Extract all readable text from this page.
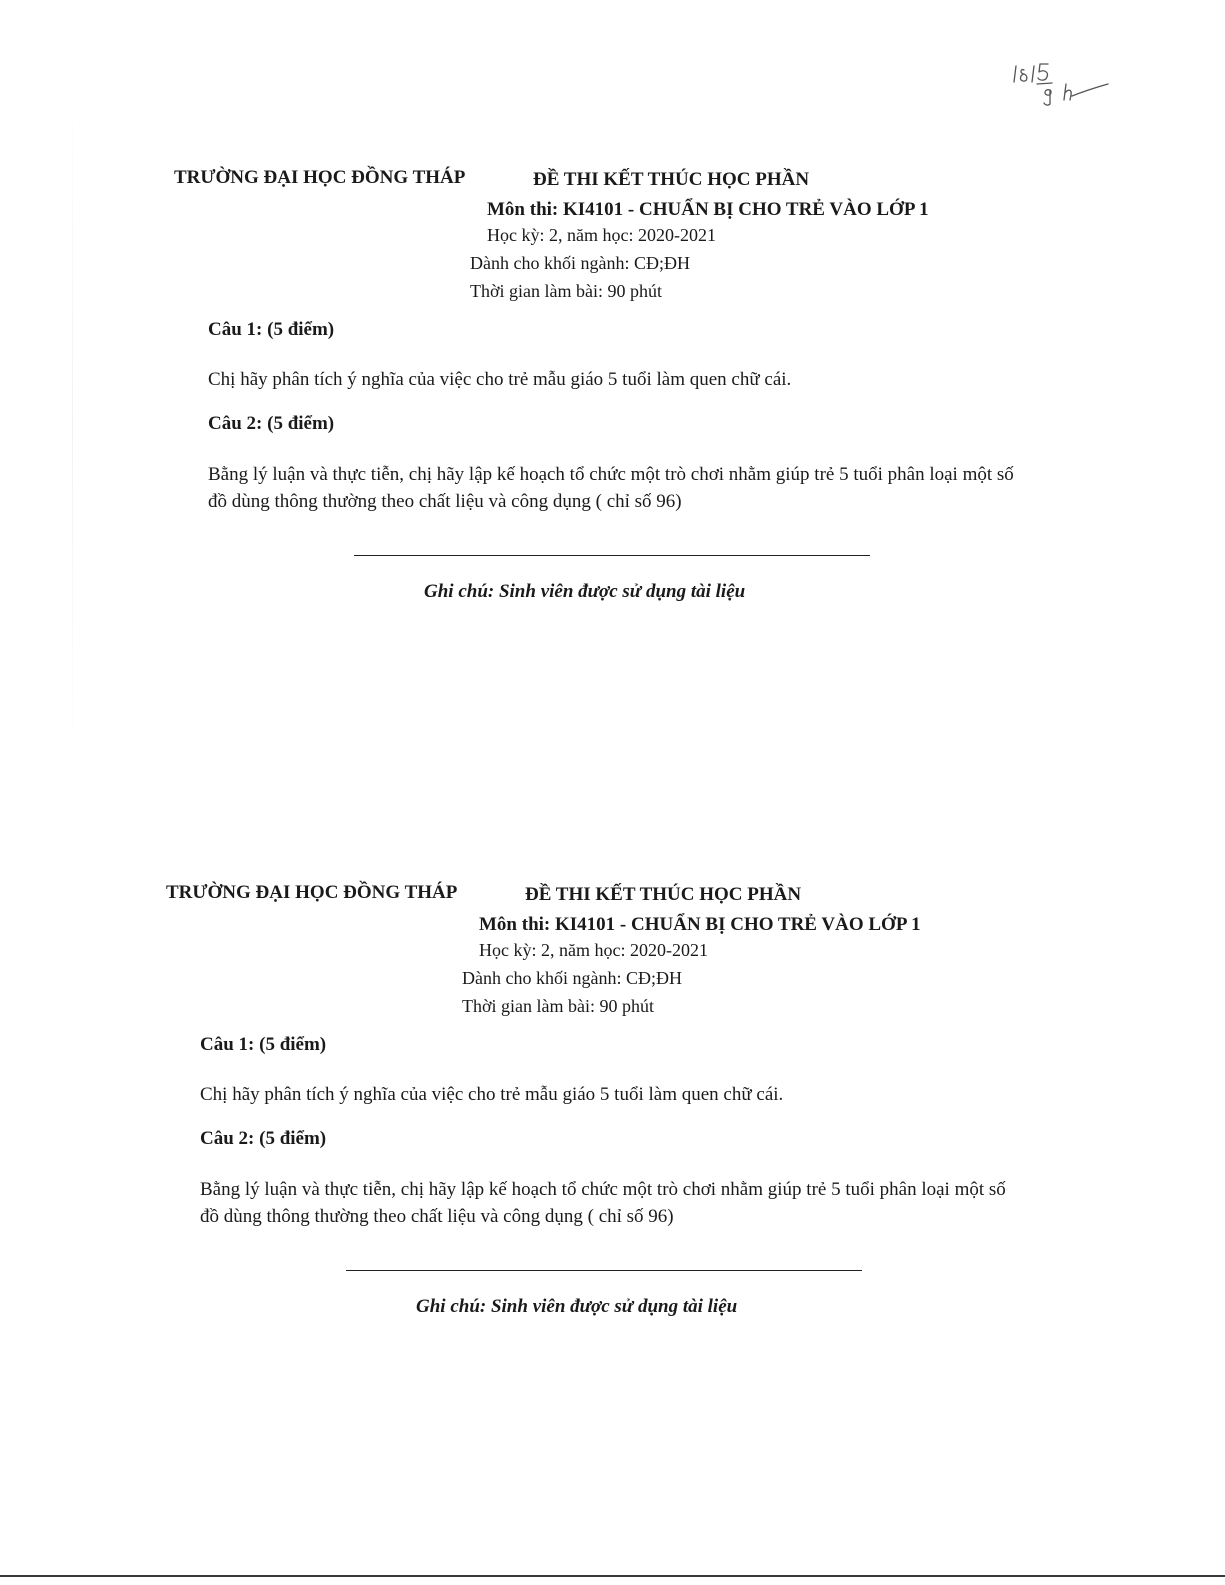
TRƯỜNG ĐẠI HỌC ĐỒNG THÁP	ĐỀ THI KẾT THÚC HỌC PHẦN
Môn thi: KI4101 - CHUẨN BỊ CHO TRẺ VÀO LỚP 1
Học kỳ: 2, năm học: 2020-2021
Dành cho khối ngành: CĐ;ĐH
Thời gian làm bài: 90 phút
Câu 1: (5 điểm)
Chị hãy phân tích ý nghĩa của việc cho trẻ mẫu giáo 5 tuổi làm quen chữ cái.
Câu 2: (5 điểm)
Bằng lý luận và thực tiễn, chị hãy lập kế hoạch tổ chức một trò chơi nhằm giúp trẻ 5 tuổi phân loại một số đồ dùng thông thường theo chất liệu và công dụng ( chỉ số 96)
Ghi chú: Sinh viên được sử dụng tài liệu
TRƯỜNG ĐẠI HỌC ĐỒNG THÁP	ĐỀ THI KẾT THÚC HỌC PHẦN
Môn thi: KI4101 - CHUẨN BỊ CHO TRẺ VÀO LỚP 1
Học kỳ: 2, năm học: 2020-2021
Dành cho khối ngành: CĐ;ĐH
Thời gian làm bài: 90 phút
Câu 1: (5 điểm)
Chị hãy phân tích ý nghĩa của việc cho trẻ mẫu giáo 5 tuổi làm quen chữ cái.
Câu 2: (5 điểm)
Bằng lý luận và thực tiễn, chị hãy lập kế hoạch tổ chức một trò chơi nhằm giúp trẻ 5 tuổi phân loại một số đồ dùng thông thường theo chất liệu và công dụng ( chỉ số 96)
Ghi chú: Sinh viên được sử dụng tài liệu
